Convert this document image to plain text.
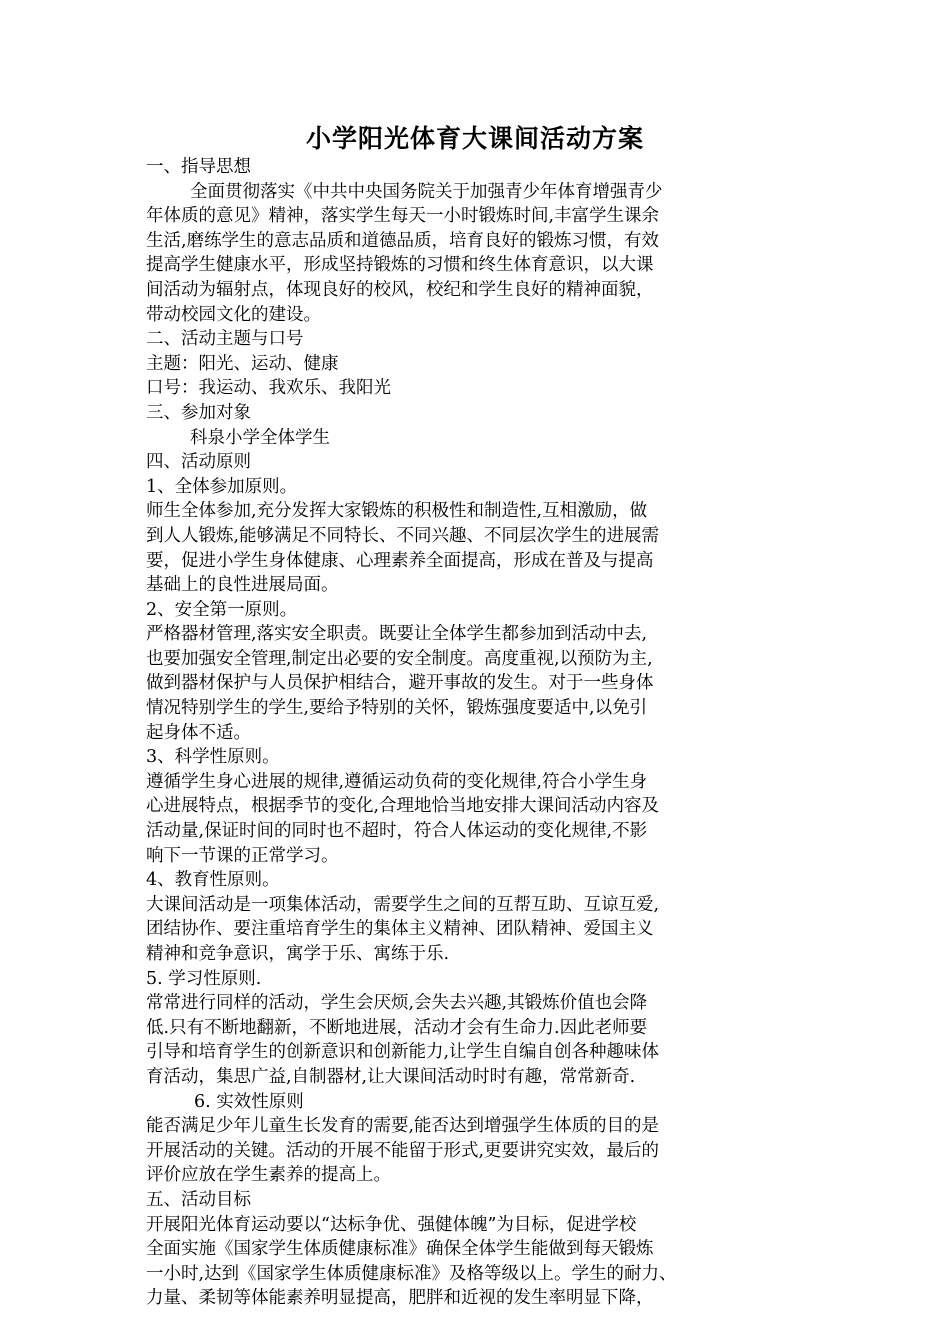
小学阳光体育大课间活动方案
一、指导思想
全面贯彻落实《中共中央国务院关于加强青少年体育增强青少
年体质的意见》精神，落实学生每天一小时锻炼时间,丰富学生课余
生活,磨练学生的意志品质和道德品质，培育良好的锻炼习惯，有效
提高学生健康水平，形成坚持锻炼的习惯和终生体育意识，以大课
间活动为辐射点，体现良好的校风，校纪和学生良好的精神面貌，
带动校园文化的建设。
二、活动主题与口号
主题：阳光、运动、健康
口号：我运动、我欢乐、我阳光
三、参加对象
科泉小学全体学生
四、活动原则
1、全体参加原则。
师生全体参加,充分发挥大家锻炼的积极性和制造性,互相激励，做
到人人锻炼,能够满足不同特长、不同兴趣、不同层次学生的进展需
要，促进小学生身体健康、心理素养全面提高，形成在普及与提高
基础上的良性进展局面。
2、安全第一原则。
严格器材管理,落实安全职责。既要让全体学生都参加到活动中去,
也要加强安全管理,制定出必要的安全制度。高度重视,以预防为主,
做到器材保护与人员保护相结合，避开事故的发生。对于一些身体
情况特别学生的学生,要给予特别的关怀，锻炼强度要适中,以免引
起身体不适。
3、科学性原则。
遵循学生身心进展的规律,遵循运动负荷的变化规律,符合小学生身
心进展特点，根据季节的变化,合理地恰当地安排大课间活动内容及
活动量,保证时间的同时也不超时，符合人体运动的变化规律,不影
响下一节课的正常学习。
4、教育性原则。
大课间活动是一项集体活动，需要学生之间的互帮互助、互谅互爱,
团结协作、要注重培育学生的集体主义精神、团队精神、爱国主义
精神和竞争意识，寓学于乐、寓练于乐.
5. 学习性原则.
常常进行同样的活动，学生会厌烦,会失去兴趣,其锻炼价值也会降
低.只有不断地翻新，不断地进展，活动才会有生命力.因此老师要
引导和培育学生的创新意识和创新能力,让学生自编自创各种趣味体
育活动，集思广益,自制器材,让大课间活动时时有趣，常常新奇.
6. 实效性原则
能否满足少年儿童生长发育的需要,能否达到增强学生体质的目的是
开展活动的关键。活动的开展不能留于形式,更要讲究实效，最后的
评价应放在学生素养的提高上。
五、活动目标
开展阳光体育运动要以“达标争优、强健体魄”为目标，促进学校
全面实施《国家学生体质健康标准》确保全体学生能做到每天锻炼
一小时,达到《国家学生体质健康标准》及格等级以上。学生的耐力、
力量、柔韧等体能素养明显提高，肥胖和近视的发生率明显下降，
